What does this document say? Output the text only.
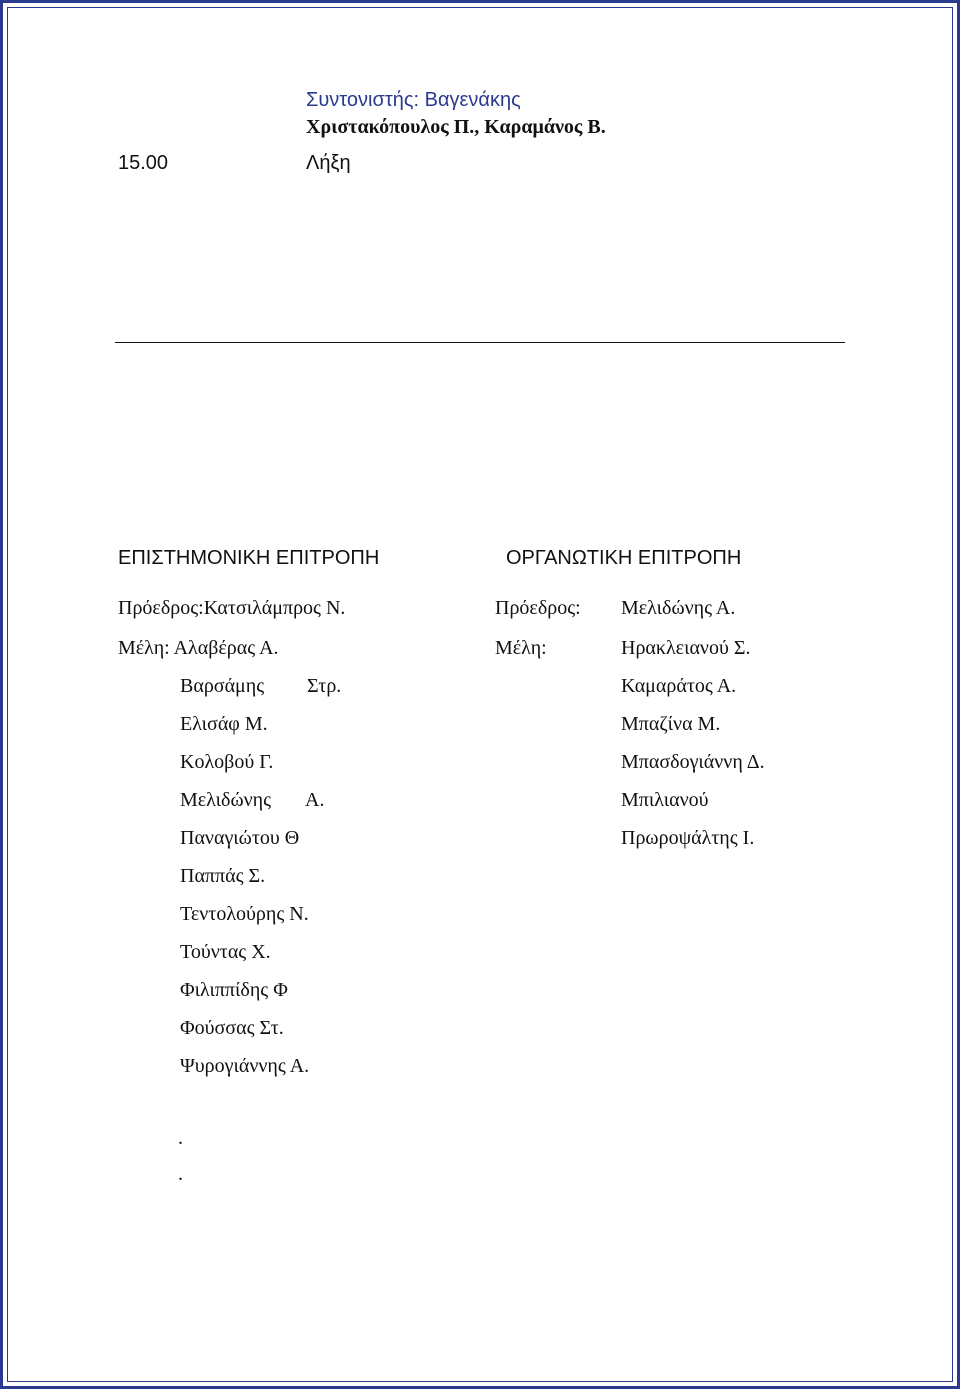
Συντονιστής: Βαγενάκης
Χριστακόπουλος Π., Καραμάνος Β.
15.00	Λήξη
ΕΠΙΣΤΗΜΟΝΙΚΗ ΕΠΙΤΡΟΠΗ
Πρόεδρος:Κατσιλάμπρος Ν.
Μέλη: Αλαβέρας Α.
Βαρσάμης Στρ.
Ελισάφ Μ.
Κολοβού Γ.
Μελιδώνης Α.
Παναγιώτου Θ
Παππάς Σ.
Τεντολούρης Ν.
Τούντας Χ.
Φιλιππίδης Φ
Φούσσας Στ.
Ψυρογιάννης Α.
ΟΡΓΑΝΩΤΙΚΗ ΕΠΙΤΡΟΠΗ
Πρόεδρος: Μελιδώνης Α.
Μέλη:	Ηρακλειανού Σ.
Καμαράτος Α.
Μπαζίνα Μ.
Μπασδογιάννη Δ.
Μπιλιανού
Πρωροψάλτης Ι.
.
.
